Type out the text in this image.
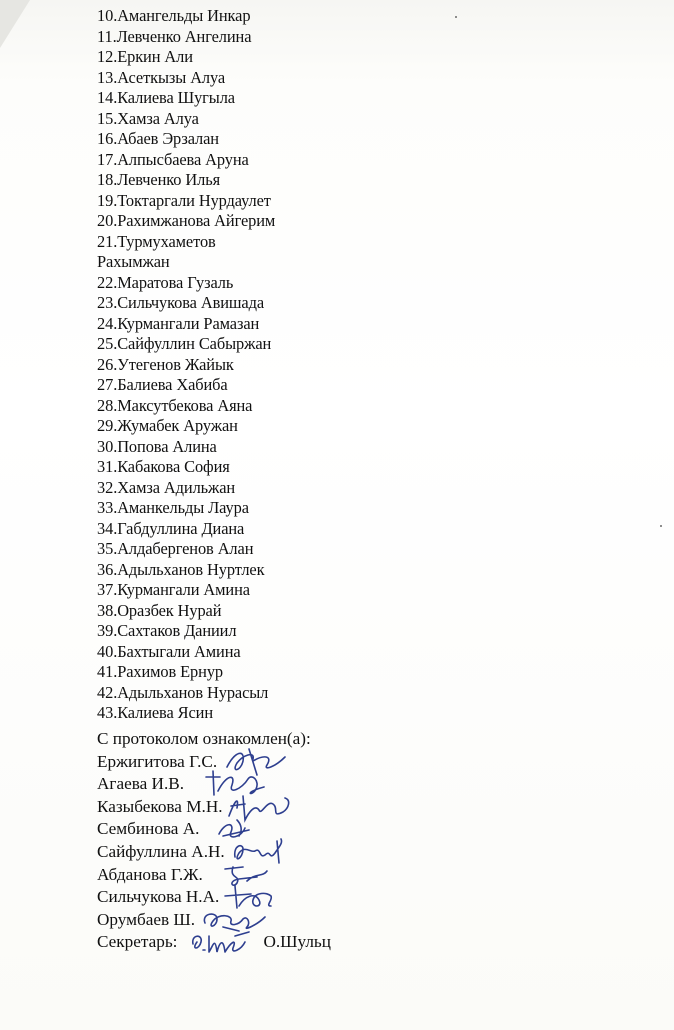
10.Амангельды Инкар
11.Левченко Ангелина
12.Еркин Али
13.Асеткызы Алуа
14.Калиева Шугыла
15.Хамза Алуа
16.Абаев Эрзалан
17.Алпысбаева Аруна
18.Левченко Илья
19.Токтаргали Нурдаулет
20.Рахимжанова Айгерим
21.Турмухаметов
Рахымжан
22.Маратова Гузаль
23.Сильчукова Авишада
24.Курмангали Рамазан
25.Сайфуллин Сабыржан
26.Утегенов Жайык
27.Балиева Хабиба
28.Максутбекова Аяна
29.Жумабек Аружан
30.Попова Алина
31.Кабакова София
32.Хамза Адильжан
33.Аманкельды Лаура
34.Габдуллина Диана
35.Алдабергенов Алан
36.Адыльханов Нуртлек
37.Курмангали Амина
38.Оразбек Нурай
39.Сахтаков Даниил
40.Бахтыгали Амина
41.Рахимов Ернур
42.Адыльханов Нурасыл
43.Калиева Ясин
С протоколом ознакомлен(а):
Ержигитова Г.С.
Агаева И.В.
Казыбекова М.Н.
Сембинова А.
Сайфуллина А.Н.
Абданова Г.Ж.
Сильчукова Н.А.
Орумбаев Ш.
Секретарь:	О.Шульц
